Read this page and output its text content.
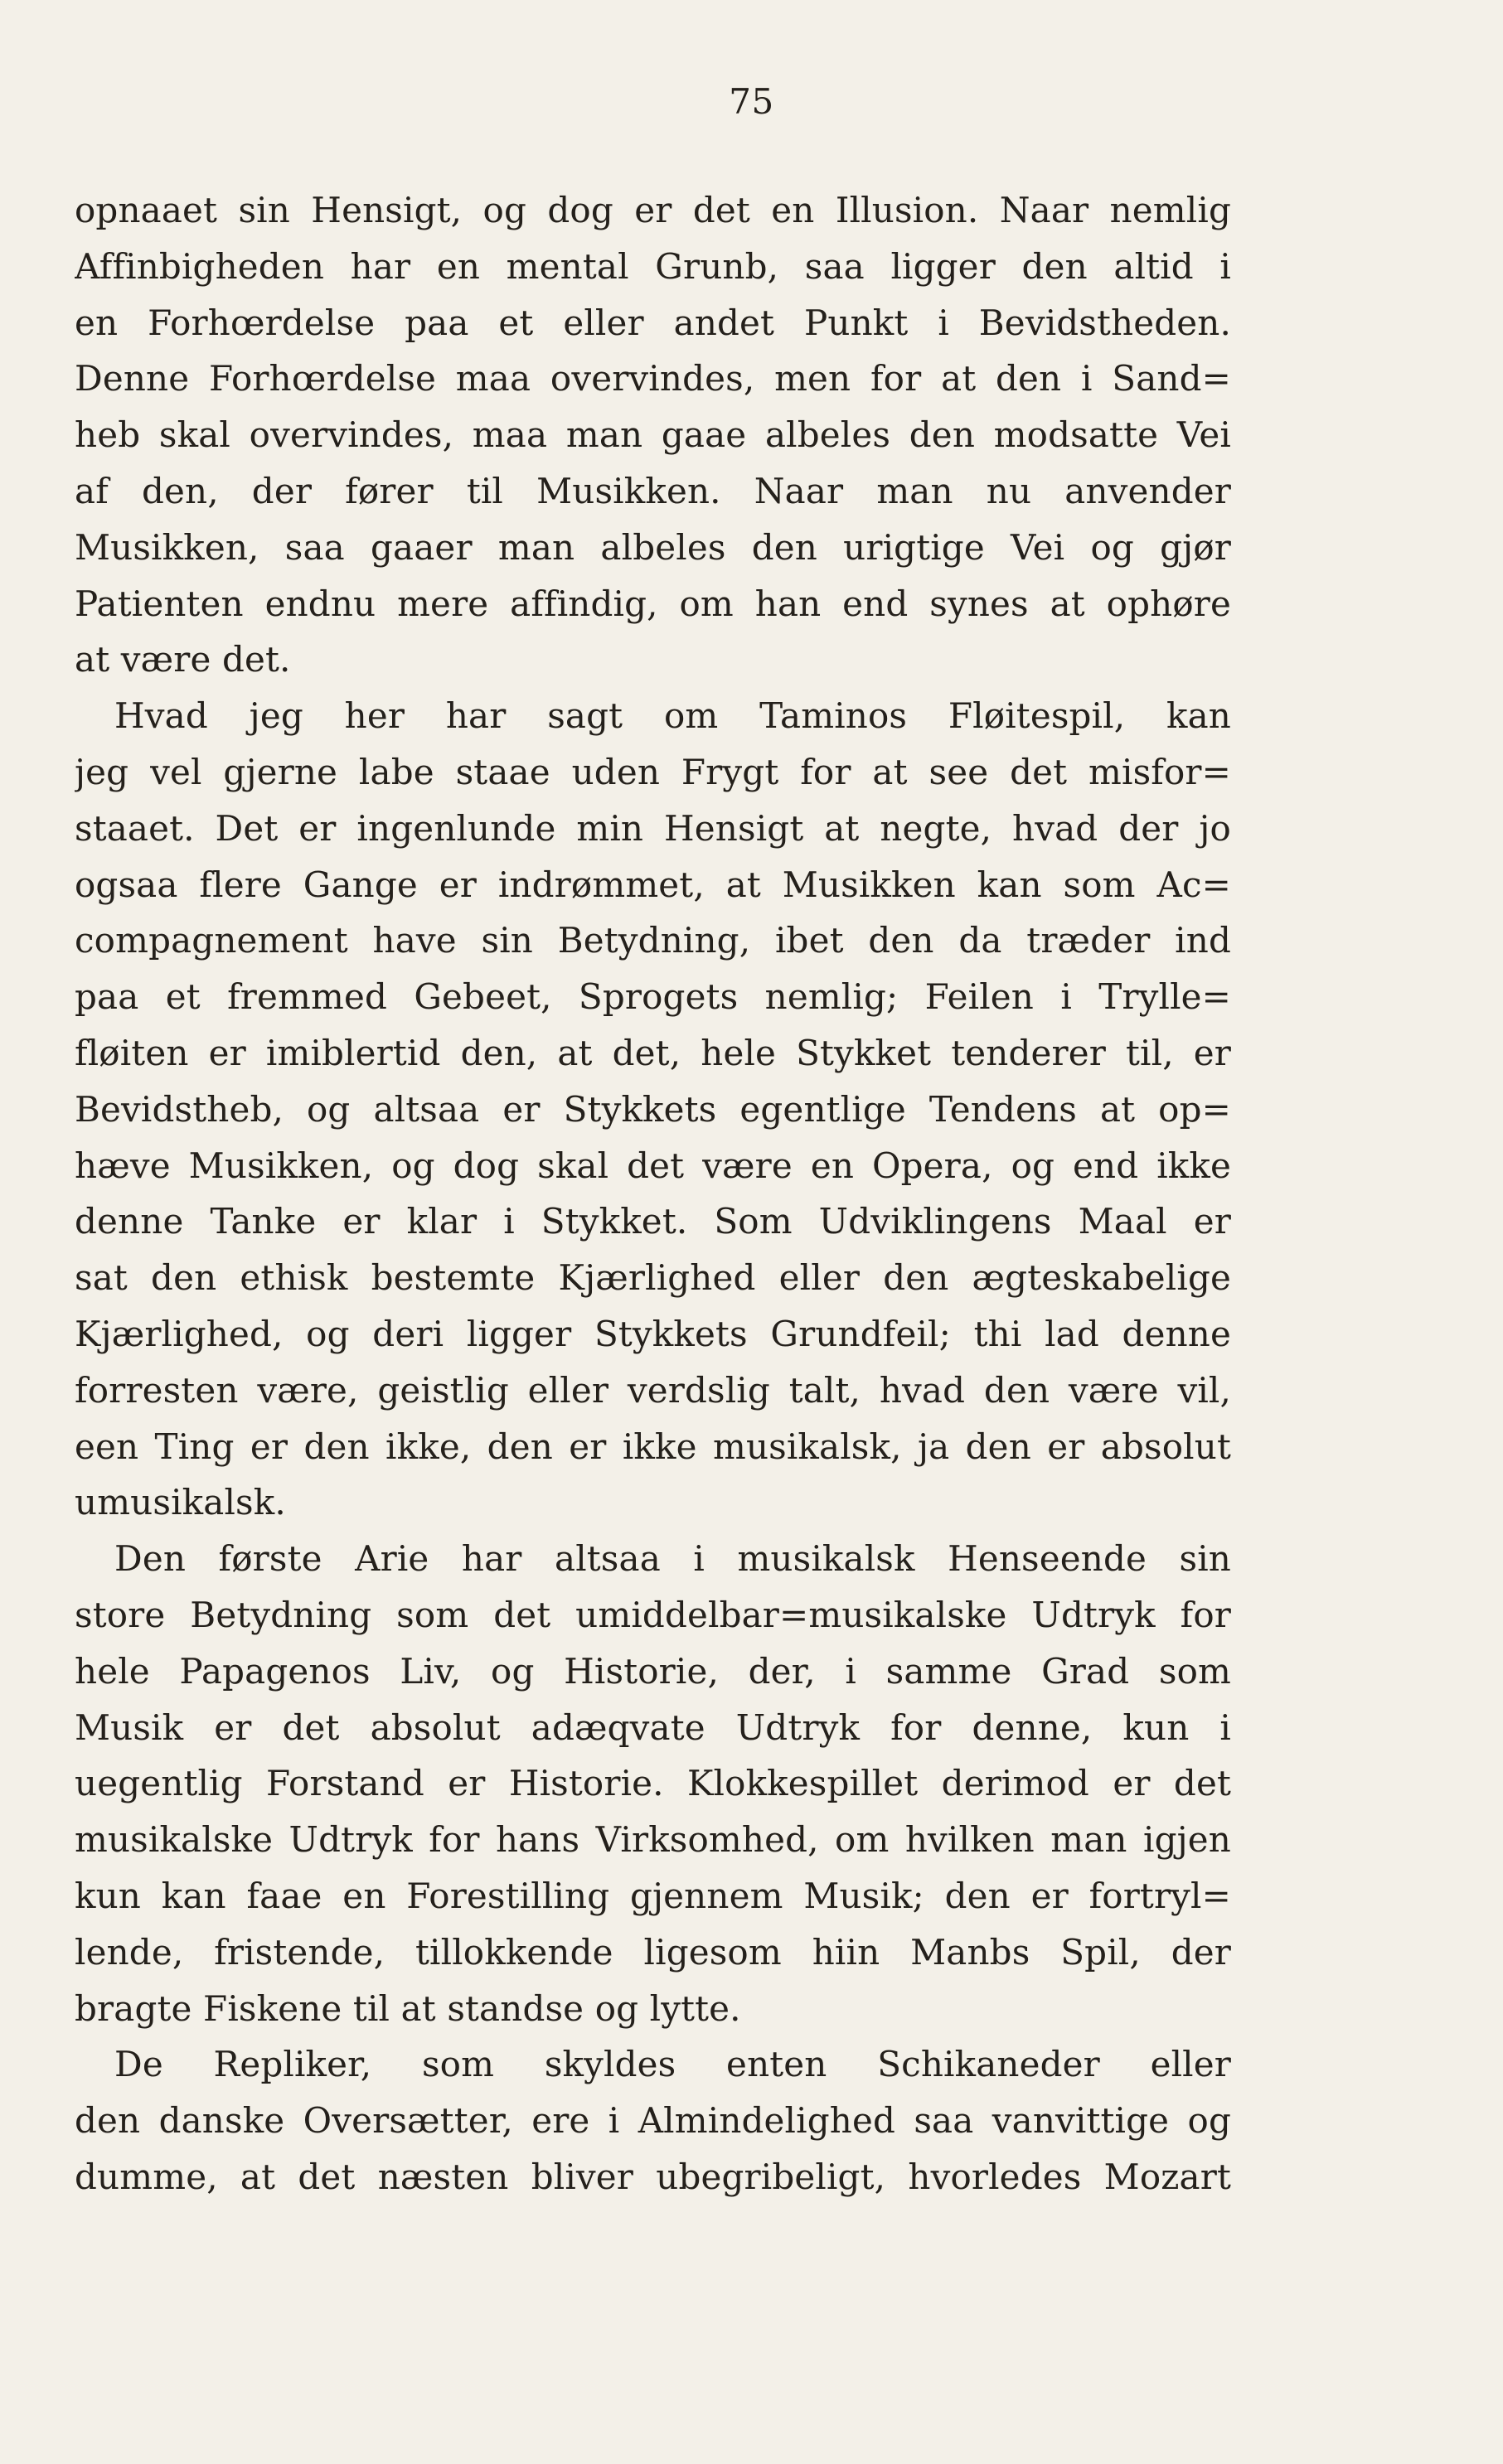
75
opnaaet sin Hensigt, og dog er det en Illusion. Naar nemlig
Affinbigheden har en mental Grunb, saa ligger den altid i
en Forhœrdelse paa et eller andet Punkt i Bevidstheden.
Denne Forhœrdelse maa overvindes, men for at den i Sand=
heb skal overvindes, maa man gaae albeles den modsatte Vei
af den, der fører til Musikken. Naar man nu anvender
Musikken, saa gaaer man albeles den urigtige Vei og gjør
Patienten endnu mere affindig, om han end synes at ophøre
at være det.
Hvad jeg her har sagt om Taminos Fløitespil, kan
jeg vel gjerne labe staae uden Frygt for at see det misfor=
staaet. Det er ingenlunde min Hensigt at negte, hvad der jo
ogsaa flere Gange er indrømmet, at Musikken kan som Ac=
compagnement have sin Betydning, ibet den da træder ind
paa et fremmed Gebeet, Sprogets nemlig; Feilen i Trylle=
fløiten er imiblertid den, at det, hele Stykket tenderer til, er
Bevidstheb, og altsaa er Stykkets egentlige Tendens at op=
hæve Musikken, og dog skal det være en Opera, og end ikke
denne Tanke er klar i Stykket. Som Udviklingens Maal er
sat den ethisk bestemte Kjærlighed eller den ægteskabelige
Kjærlighed, og deri ligger Stykkets Grundfeil; thi lad denne
forresten være, geistlig eller verdslig talt, hvad den være vil,
een Ting er den ikke, den er ikke musikalsk, ja den er absolut
umusikalsk.
Den første Arie har altsaa i musikalsk Henseende sin
store Betydning som det umiddelbar=musikalske Udtryk for
hele Papagenos Liv, og Historie, der, i samme Grad som
Musik er det absolut adæqvate Udtryk for denne, kun i
uegentlig Forstand er Historie. Klokkespillet derimod er det
musikalske Udtryk for hans Virksomhed, om hvilken man igjen
kun kan faae en Forestilling gjennem Musik; den er fortryl=
lende, fristende, tillokkende ligesom hiin Manbs Spil, der
bragte Fiskene til at standse og lytte.
De Repliker, som skyldes enten Schikaneder eller
den danske Oversætter, ere i Almindelighed saa vanvittige og
dumme, at det næsten bliver ubegribeligt, hvorledes Mozart
